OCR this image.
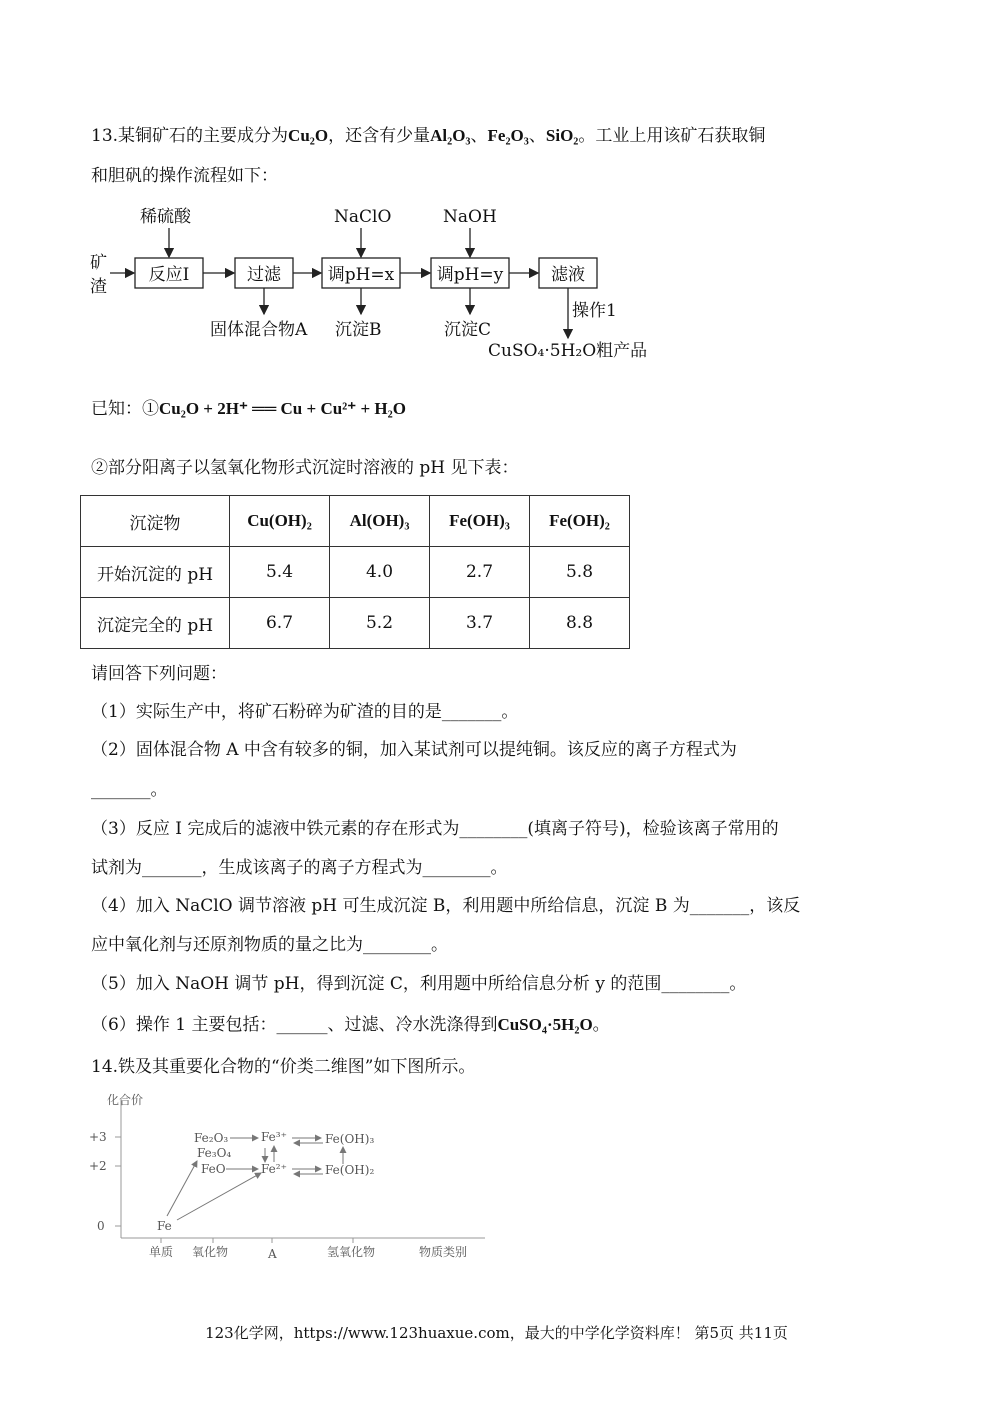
13.某铜矿石的主要成分为Cu₂O，还含有少量Al₂O₃、Fe₂O₃、SiO₂。工业上用该矿石获取铜
和胆矾的操作流程如下：
矿
渣
稀硫酸	NaClO	NaOH
反应Ⅰ	过滤	调pH=x 调pH=y	滤液
固体混合物A 沉淀B	沉淀C
操作1
CuSO₄·5H₂O粗产品
已知：①Cu₂O + 2H⁺ ══ Cu + Cu²⁺ + H₂O
②部分阳离子以氢氧化物形式沉淀时溶液的 pH 见下表：
沉淀物	Cu(OH)₂	Al(OH)₃	Fe(OH)₃	Fe(OH)₂
开始沉淀的 pH	5.4	4.0	2.7	5.8
沉淀完全的 pH	6.7	5.2	3.7	8.8
请回答下列问题：
（1）实际生产中，将矿石粉碎为矿渣的目的是_______。
（2）固体混合物 A 中含有较多的铜，加入某试剂可以提纯铜。该反应的离子方程式为
_______。
（3）反应 I 完成后的滤液中铁元素的存在形式为________(填离子符号)，检验该离子常用的
试剂为_______，生成该离子的离子方程式为________。
（4）加入 NaClO 调节溶液 pH 可生成沉淀 B，利用题中所给信息，沉淀 B 为_______，该反
应中氧化剂与还原剂物质的量之比为________。
（5）加入 NaOH 调节 pH，得到沉淀 C，利用题中所给信息分析 y 的范围________。
（6）操作 1 主要包括：______、过滤、冷水洗涤得到CuSO₄·5H₂O。
14.铁及其重要化合物的“价类二维图”如下图所示。
化合价
+3
+2
0
单质 氧化物	A	氢氧化物	物质类别
Fe
Fe₂O₃
Fe₃O₄
FeO
Fe³⁺
Fe²⁺
Fe(OH)₃
Fe(OH)₂
123化学网，https://www.123huaxue.com，最大的中学化学资料库！ 第5页 共11页
